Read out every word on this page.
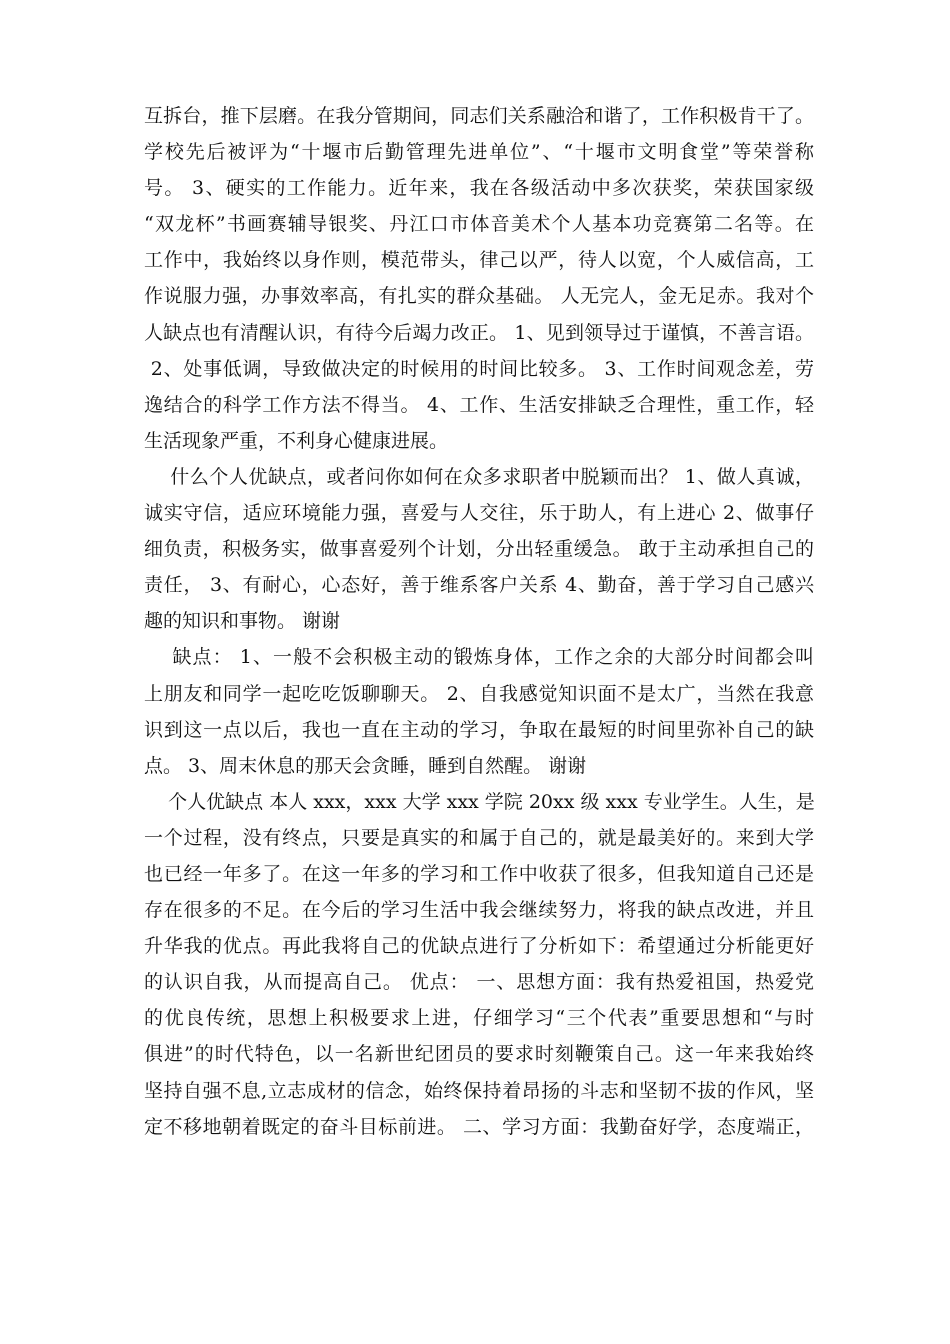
互拆台，推下层磨。在我分管期间，同志们关系融洽和谐了，工作积极肯干了。
学校先后被评为“十堰市后勤管理先进单位”、“十堰市文明食堂”等荣誉称
号。 3、硬实的工作能力。近年来，我在各级活动中多次获奖，荣获国家级
“双龙杯”书画赛辅导银奖、丹江口市体音美术个人基本功竞赛第二名等。在
工作中，我始终以身作则，模范带头，律己以严，待人以宽，个人威信高，工
作说服力强，办事效率高，有扎实的群众基础。 人无完人，金无足赤。我对个
人缺点也有清醒认识，有待今后竭力改正。 1、见到领导过于谨慎，不善言语。
2、处事低调，导致做决定的时候用的时间比较多。 3、工作时间观念差，劳
逸结合的科学工作方法不得当。 4、工作、生活安排缺乏合理性，重工作，轻
生活现象严重，不利身心健康进展。
什么个人优缺点，或者问你如何在众多求职者中脱颖而出？ 1、做人真诚，
诚实守信，适应环境能力强，喜爱与人交往，乐于助人，有上进心 2、做事仔
细负责，积极务实，做事喜爱列个计划，分出轻重缓急。 敢于主动承担自己的
责任， 3、有耐心，心态好，善于维系客户关系 4、勤奋，善于学习自己感兴
趣的知识和事物。 谢谢
缺点： 1、一般不会积极主动的锻炼身体，工作之余的大部分时间都会叫
上朋友和同学一起吃吃饭聊聊天。 2、自我感觉知识面不是太广，当然在我意
识到这一点以后，我也一直在主动的学习，争取在最短的时间里弥补自己的缺
点。 3、周末休息的那天会贪睡，睡到自然醒。 谢谢
个人优缺点 本人 xxx，xxx 大学 xxx 学院 20xx 级 xxx 专业学生。人生，是
一个过程，没有终点，只要是真实的和属于自己的，就是最美好的。来到大学
也已经一年多了。在这一年多的学习和工作中收获了很多，但我知道自己还是
存在很多的不足。在今后的学习生活中我会继续努力，将我的缺点改进，并且
升华我的优点。再此我将自己的优缺点进行了分析如下：希望通过分析能更好
的认识自我，从而提高自己。 优点： 一、思想方面：我有热爱祖国，热爱党
的优良传统，思想上积极要求上进，仔细学习“三个代表”重要思想和“与时
俱进”的时代特色，以一名新世纪团员的要求时刻鞭策自己。这一年来我始终
坚持自强不息,立志成材的信念，始终保持着昂扬的斗志和坚韧不拔的作风，坚
定不移地朝着既定的奋斗目标前进。 二、学习方面：我勤奋好学，态度端正，
